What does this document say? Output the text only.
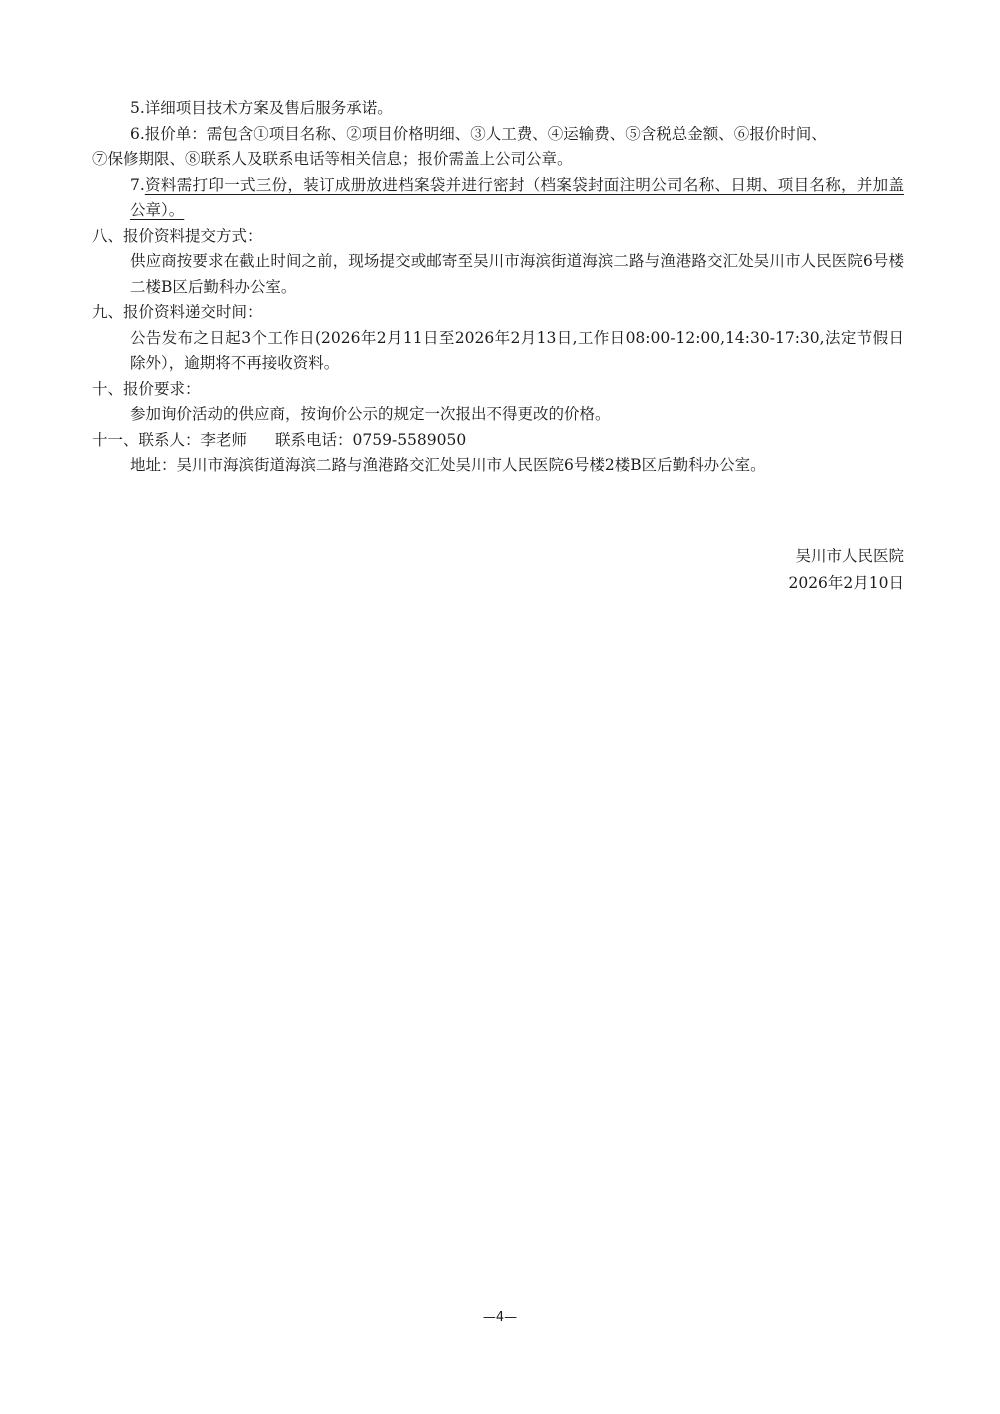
5.详细项目技术方案及售后服务承诺。
6.报价单：需包含①项目名称、②项目价格明细、③人工费、④运输费、⑤含税总金额、⑥报价时间、
⑦保修期限、⑧联系人及联系电话等相关信息；报价需盖上公司公章。
7.资料需打印一式三份，装订成册放进档案袋并进行密封（档案袋封面注明公司名称、日期、项目名称，并加盖公章）。
八、报价资料提交方式：
供应商按要求在截止时间之前，现场提交或邮寄至吴川市海滨街道海滨二路与渔港路交汇处吴川市人民医院6号楼二楼B区后勤科办公室。
九、报价资料递交时间：
公告发布之日起3个工作日(2026年2月11日至2026年2月13日,工作日08:00-12:00,14:30-17:30,法定节假日除外），逾期将不再接收资料。
十、报价要求：
参加询价活动的供应商，按询价公示的规定一次报出不得更改的价格。
十一、联系人：李老师 联系电话：0759-5589050
地址：吴川市海滨街道海滨二路与渔港路交汇处吴川市人民医院6号楼2楼B区后勤科办公室。
吴川市人民医院
2026年2月10日
—4—
